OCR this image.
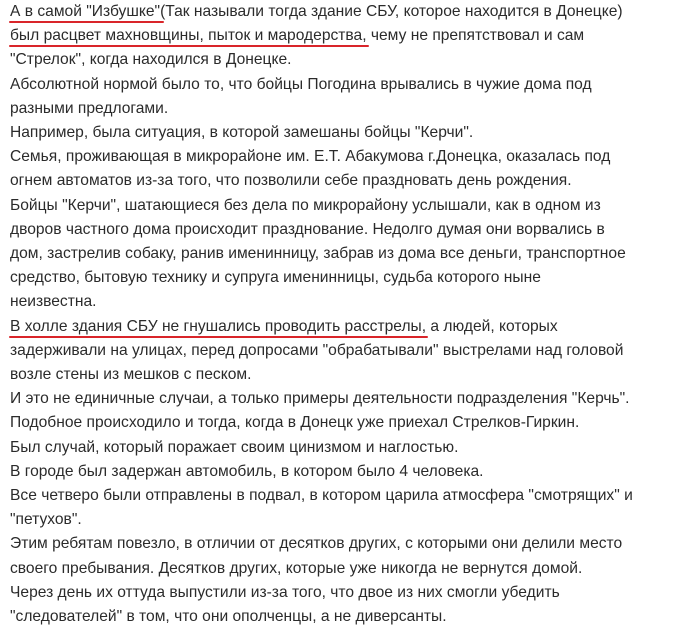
А в самой "Избушке"(Так называли тогда здание СБУ, которое находится в Донецке)
был расцвет махновщины, пыток и мародерства, чему не препятствовал и сам
"Стрелок", когда находился в Донецке.

Абсолютной нормой было то, что бойцы Погодина врывались в чужие дома под
разными предлогами.

Например, была ситуация, в которой замешаны бойцы "Керчи".

Семья, проживающая в микрорайоне им. Е.Т. Абакумова г.Донецка, оказалась под
огнем автоматов из-за того, что позволили себе праздновать день рождения.

Бойцы "Керчи", шатающиеся без дела по микрорайону услышали, как в одном из
дворов частного дома происходит празднование. Недолго думая они ворвались в
дом, застрелив собаку, ранив именинницу, забрав из дома все деньги, транспортное
средство, бытовую технику и супруга именинницы, судьба которого ныне
неизвестна.

В холле здания СБУ не гнушались проводить расстрелы, а людей, которых
задерживали на улицах, перед допросами "обрабатывали" выстрелами над головой
возле стены из мешков с песком.

И это не единичные случаи, а только примеры деятельности подразделения "Керчь".

Подобное происходило и тогда, когда в Донецк уже приехал Стрелков-Гиркин.

Был случай, который поражает своим цинизмом и наглостью.

В городе был задержан автомобиль, в котором было 4 человека.

Все четверо были отправлены в подвал, в котором царила атмосфера "смотрящих" и
"петухов".

Этим ребятам повезло, в отличии от десятков других, с которыми они делили место
своего пребывания. Десятков других, которые уже никогда не вернутся домой.

Через день их оттуда выпустили из-за того, что двое из них смогли убедить
"следователей" в том, что они ополченцы, а не диверсанты.
